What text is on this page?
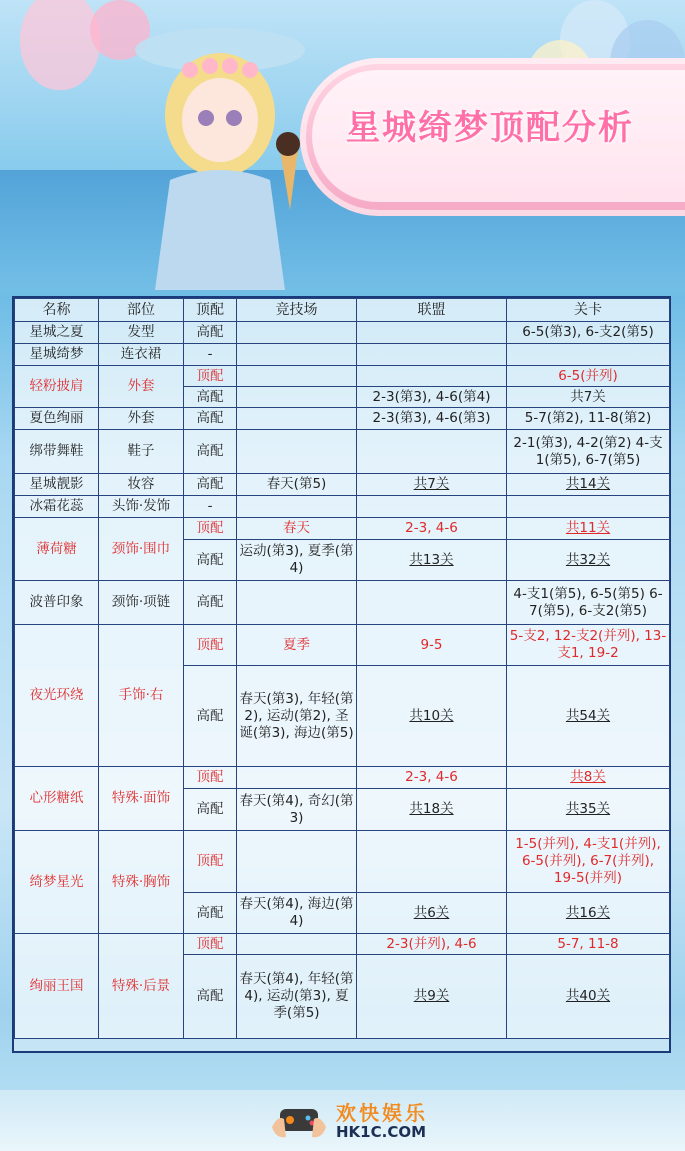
星城绮梦顶配分析
名称	部位	顶配	竞技场	联盟	关卡
星城之夏	发型	高配			6-5(第3), 6-支2(第5)
星城绮梦	连衣裙	-			
轻粉披肩	外套	顶配			6-5(并列)
		高配		2-3(第3), 4-6(第4)	共7关
夏色绚丽	外套	高配		2-3(第3), 4-6(第3)	5-7(第2), 11-8(第2)
绑带舞鞋	鞋子	高配			2-1(第3), 4-2(第2) 4-支1(第5), 6-7(第5)
星城靓影	妆容	高配	春天(第5)	共7关	共14关
冰霜花蕊	头饰·发饰	-			
薄荷糖	颈饰·围巾	顶配	春天	2-3, 4-6	共11关
		高配	运动(第3), 夏季(第4)	共13关	共32关
波普印象	颈饰·项链	高配			4-支1(第5), 6-5(第5) 6-7(第5), 6-支2(第5)
夜光环绕	手饰·右	顶配	夏季	9-5	5-支2, 12-支2(并列), 13-支1, 19-2
		高配	春天(第3), 年轻(第2), 运动(第2), 圣诞(第3), 海边(第5)	共10关	共54关
心形糖纸	特殊·面饰	顶配		2-3, 4-6	共8关
		高配	春天(第4), 奇幻(第3)	共18关	共35关
绮梦星光	特殊·胸饰	顶配			1-5(并列), 4-支1(并列), 6-5(并列), 6-7(并列), 19-5(并列)
		高配	春天(第4), 海边(第4)	共6关	共16关
绚丽王国	特殊·后景	顶配		2-3(并列), 4-6	5-7, 11-8
		高配	春天(第4), 年轻(第4), 运动(第3), 夏季(第5)	共9关	共40关
欢快娱乐
HK1C.COM
